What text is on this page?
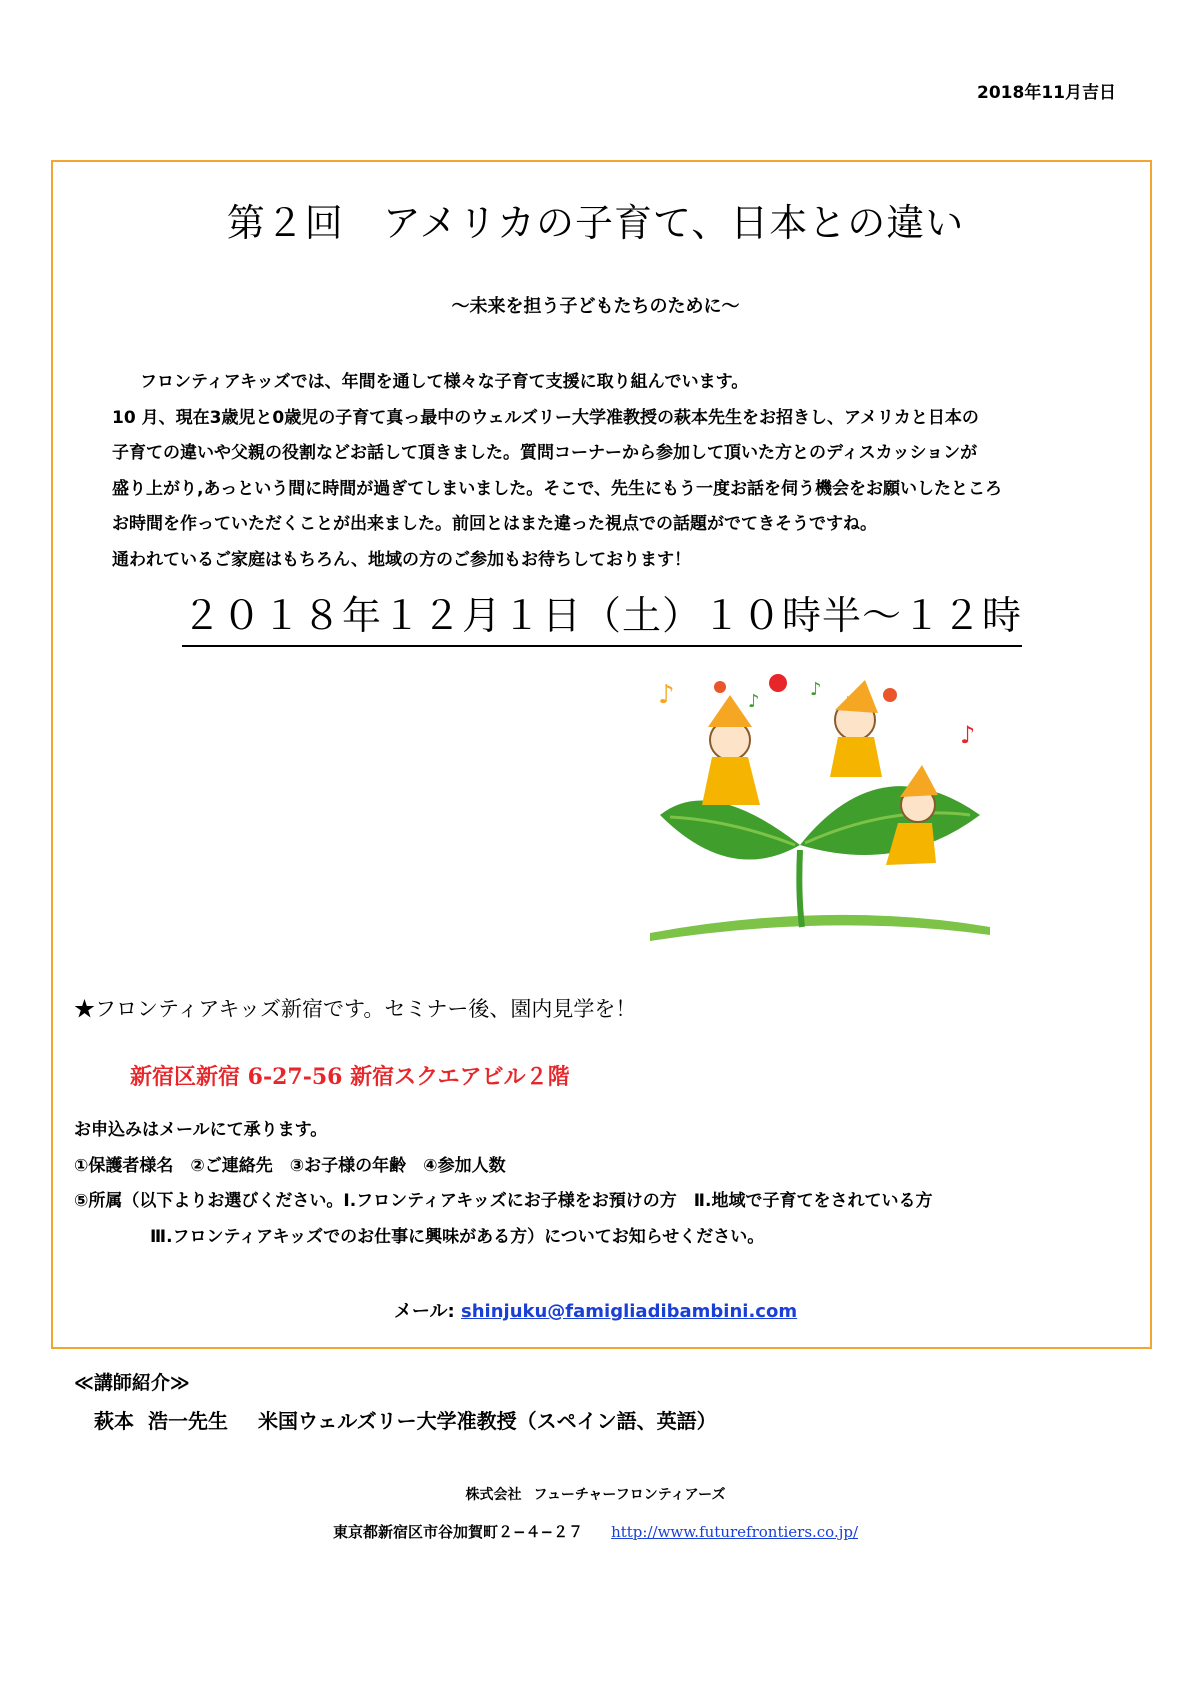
2018年11月吉日
第２回　アメリカの子育て、日本との違い
～未来を担う子どもたちのために～

フロンティアキッズでは、年間を通して様々な子育て支援に取り組んでいます。

10 月、現在3歳児と0歳児の子育て真っ最中のウェルズリー大学准教授の萩本先生をお招きし、アメリカと日本の

子育ての違いや父親の役割などお話して頂きました。質問コーナーから参加して頂いた方とのディスカッションが

盛り上がり,あっという間に時間が過ぎてしまいました。そこで、先生にもう一度お話を伺う機会をお願いしたところ

お時間を作っていただくことが出来ました。前回とはまた違った視点での話題がでてきそうですね。

通われているご家庭はもちろん、地域の方のご参加もお待ちしております！

２０１８年１２月１日（土）１０時半～１２時
♪	♪
♪
♪
♪
★フロンティアキッズ新宿です。セミナー後、園内見学を！
新宿区新宿 6-27-56 新宿スクエアビル２階

お申込みはメールにて承ります。

①保護者様名　②ご連絡先　③お子様の年齢　④参加人数

⑤所属（以下よりお選びください。Ⅰ.フロンティアキッズにお子様をお預けの方　Ⅱ.地域で子育てをされている方

Ⅲ.フロンティアキッズでのお仕事に興味がある方）についてお知らせください。

メール: shinjuku@famigliadibambini.com
≪講師紹介≫
萩本 浩一先生 米国ウェルズリー大学准教授（スペイン語、英語）
株式会社 フューチャーフロンティアーズ
東京都新宿区市谷加賀町２−４−２７ http://www.futurefrontiers.co.jp/
